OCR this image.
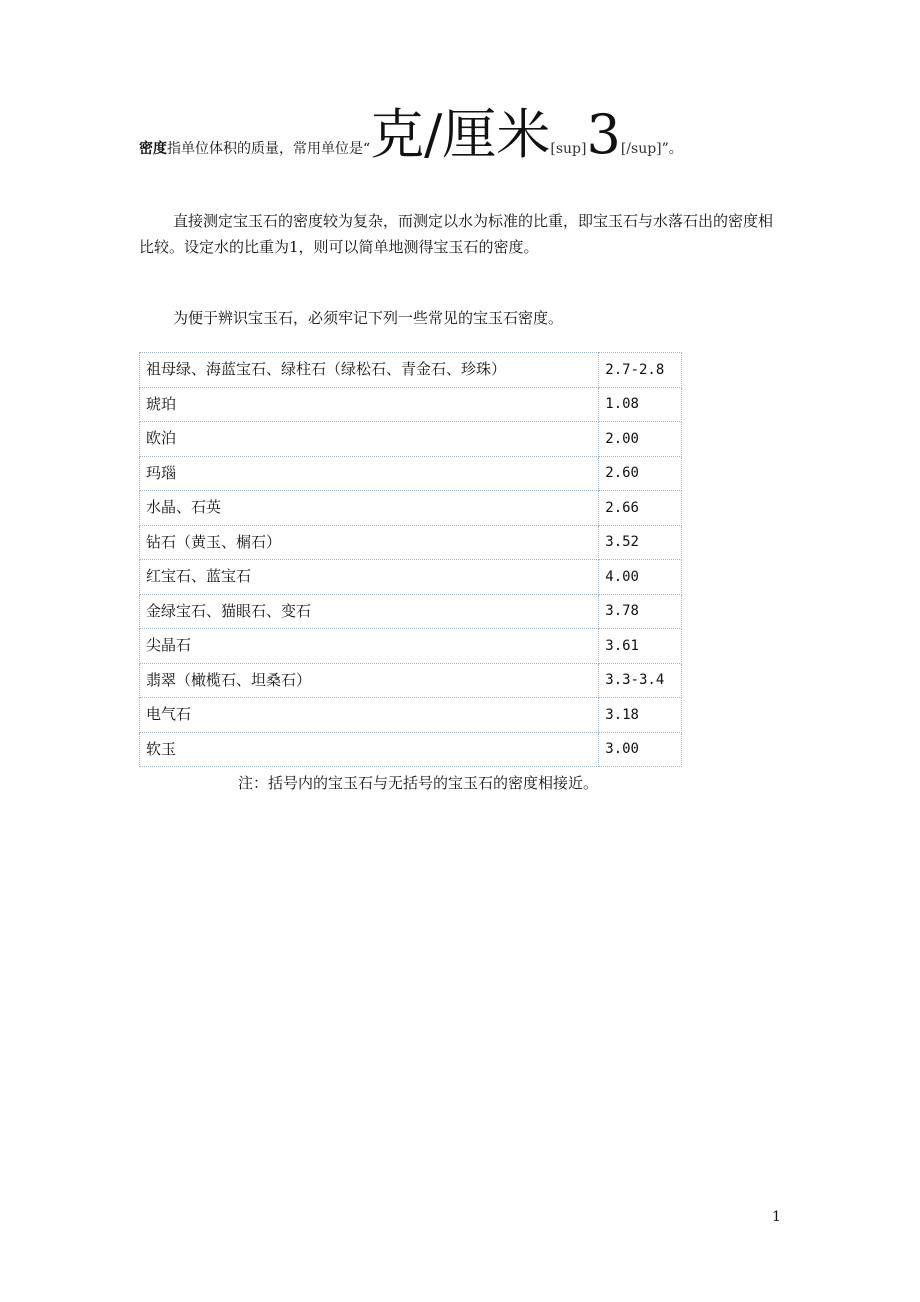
密度指单位体积的质量，常用单位是“克/厘米[sup]3[/sup]”。

直接测定宝玉石的密度较为复杂，而测定以水为标准的比重，即宝玉石与水落石出的密度相比较。设定水的比重为1，则可以简单地测得宝玉石的密度。

为便于辨识宝玉石，必须牢记下列一些常见的宝玉石密度。

祖母绿、海蓝宝石、绿柱石（绿松石、青金石、珍珠）	2.7-2.8
琥珀	1.08
欧泊	2.00
玛瑙	2.60
水晶、石英	2.66
钻石（黄玉、榍石）	3.52
红宝石、蓝宝石	4.00
金绿宝石、猫眼石、变石	3.78
尖晶石	3.61
翡翠（橄榄石、坦桑石）	3.3-3.4
电气石	3.18
软玉	3.00
注：括号内的宝玉石与无括号的宝玉石的密度相接近。
1
